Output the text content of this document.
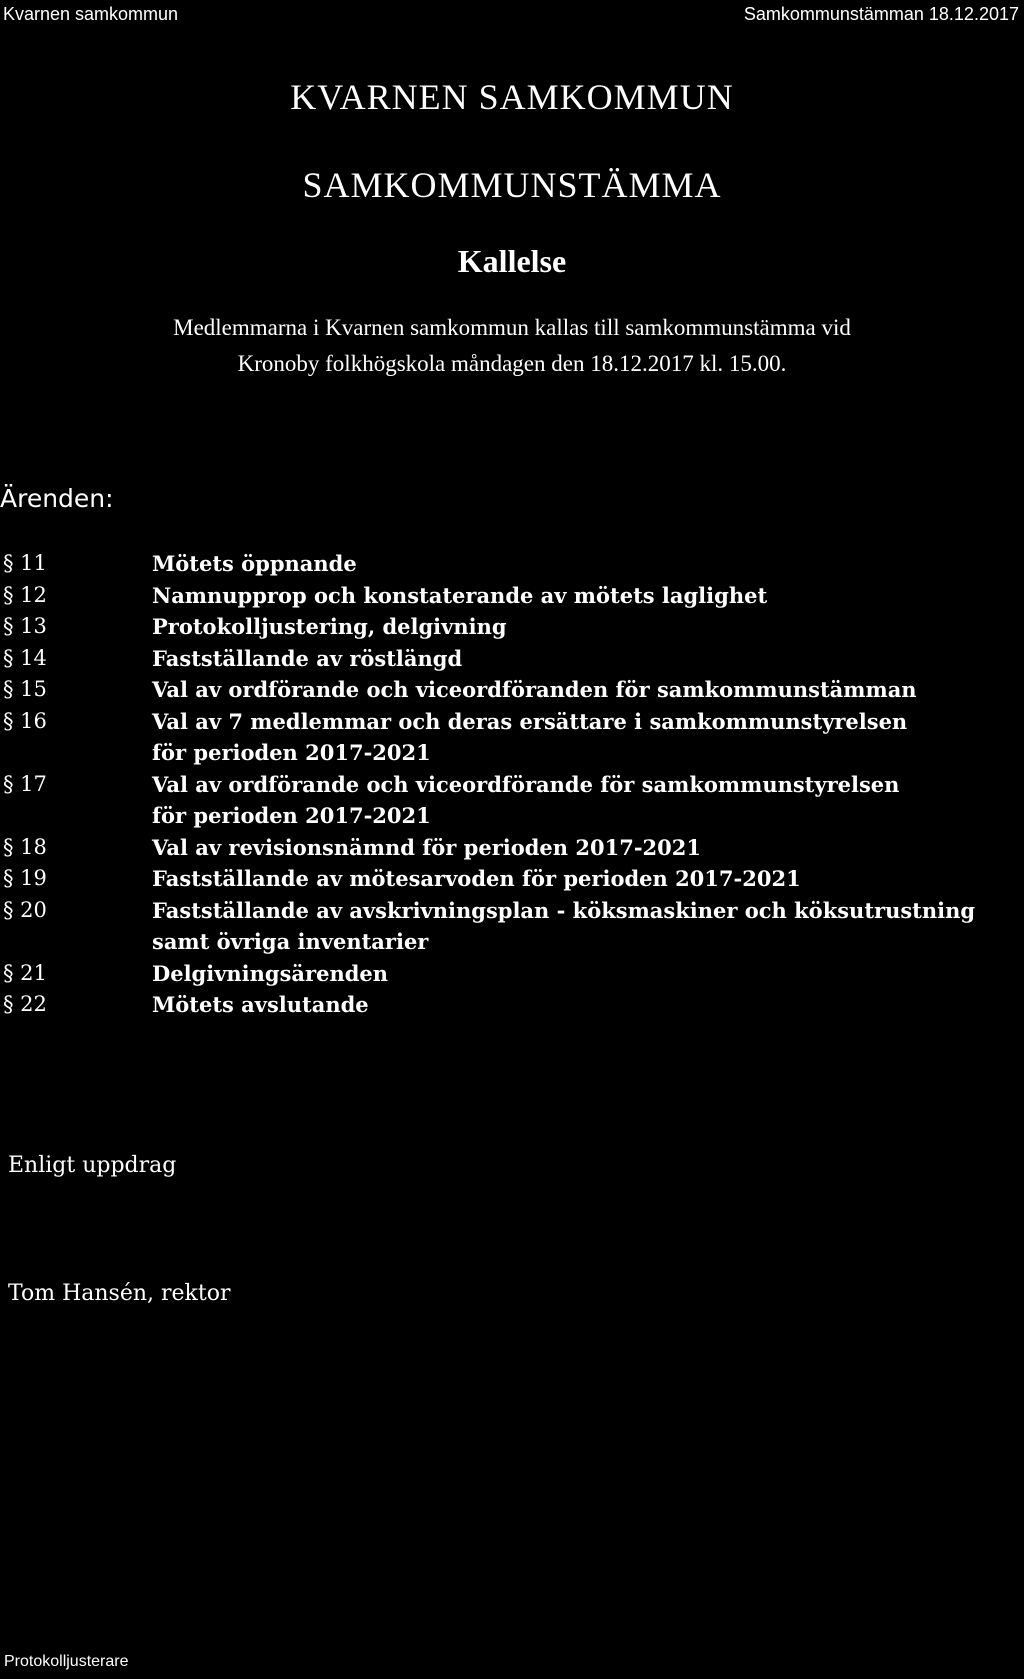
Kvarnen samkommun	Samkommunstämman 18.12.2017
KVARNEN SAMKOMMUN
SAMKOMMUNSTÄMMA
Kallelse
Medlemmarna i Kvarnen samkommun kallas till samkommunstämma vid
Kronoby folkhögskola måndagen den 18.12.2017 kl. 15.00.
Ärenden:
§ 11	Mötets öppnande
§ 12	Namnupprop och konstaterande av mötets laglighet
§ 13	Protokolljustering, delgivning
§ 14	Fastställande av röstlängd
§ 15	Val av ordförande och viceordföranden för samkommunstämman
§ 16	Val av 7 medlemmar och deras ersättare i samkommunstyrelsen
för perioden 2017-2021
§ 17	Val av ordförande och viceordförande för samkommunstyrelsen
för perioden 2017-2021
§ 18	Val av revisionsnämnd för perioden 2017-2021
§ 19	Fastställande av mötesarvoden för perioden 2017-2021
§ 20	Fastställande av avskrivningsplan - köksmaskiner och köksutrustning
samt övriga inventarier
§ 21	Delgivningsärenden
§ 22	Mötets avslutande
Enligt uppdrag
Tom Hansén, rektor
Protokolljusterare
